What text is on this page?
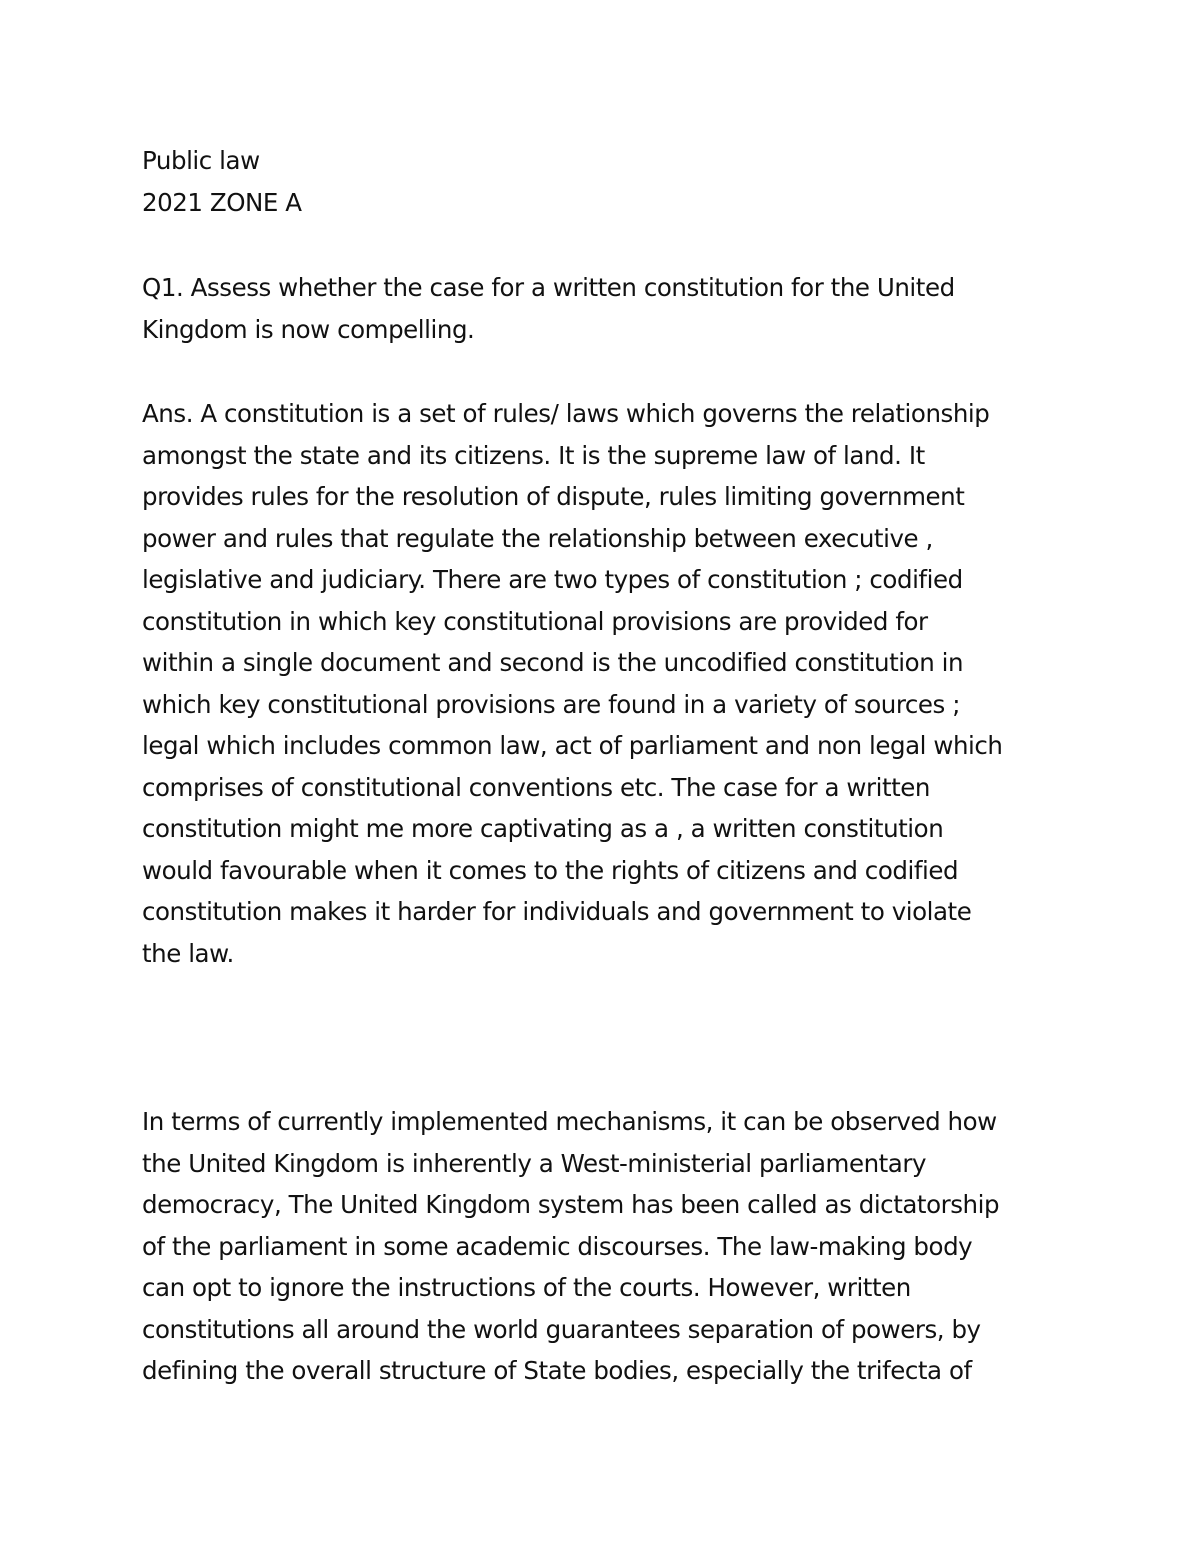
Public law
2021 ZONE A
Q1. Assess whether the case for a written constitution for the United
Kingdom is now compelling.
Ans. A constitution is a set of rules/ laws which governs the relationship
amongst the state and its citizens. It is the supreme law of land. It
provides rules for the resolution of dispute, rules limiting government
power and rules that regulate the relationship between executive ,
legislative and judiciary. There are two types of constitution ; codified
constitution in which key constitutional provisions are provided for
within a single document and second is the uncodified constitution in
which key constitutional provisions are found in a variety of sources ;
legal which includes common law, act of parliament and non legal which
comprises of constitutional conventions etc. The case for a written
constitution might me more captivating as a , a written constitution
would favourable when it comes to the rights of citizens and codified
constitution makes it harder for individuals and government to violate
the law.
In terms of currently implemented mechanisms, it can be observed how
the United Kingdom is inherently a West-ministerial parliamentary
democracy, The United Kingdom system has been called as dictatorship
of the parliament in some academic discourses. The law-making body
can opt to ignore the instructions of the courts. However, written
constitutions all around the world guarantees separation of powers, by
defining the overall structure of State bodies, especially the trifecta of
